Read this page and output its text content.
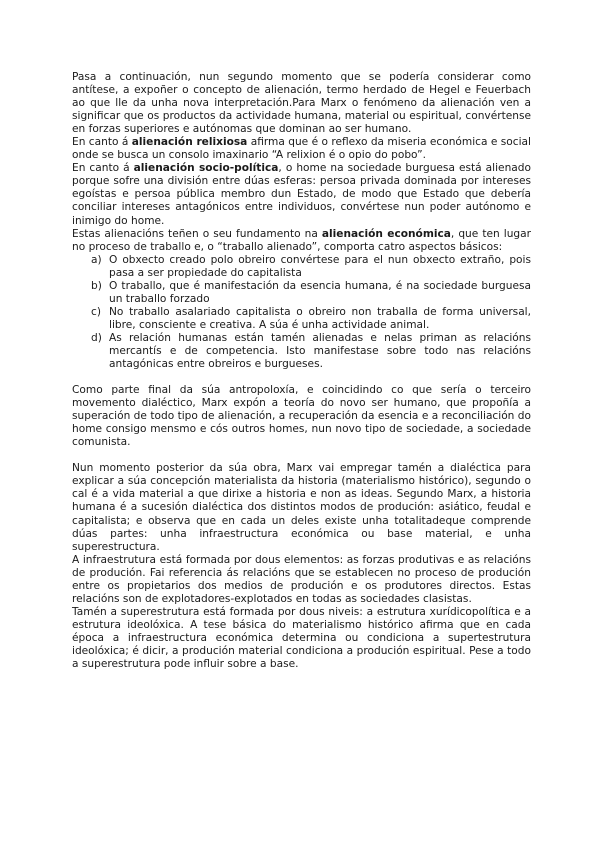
Pasa a continuación, nun segundo momento que se podería considerar como antítese, a expoñer o concepto de alienación, termo herdado de Hegel e Feuerbach ao que lle da unha nova interpretación.Para Marx o fenómeno da alienación ven a significar que os productos da actividade humana, material ou espiritual, convértense en forzas superiores e autónomas que dominan ao ser humano.

En canto á alienación relixiosa afirma que é o reflexo da miseria económica e social onde se busca un consolo imaxinario “A relixion é o opio do pobo”.

En canto á alienación socio-política, o home na sociedade burguesa está alienado porque sofre una división entre dúas esferas: persoa privada dominada por intereses egoístas e persoa pública membro dun Estado, de modo que Estado que debería conciliar intereses antagónicos entre individuos, convértese nun poder autónomo e inimigo do home.

Estas alienacións teñen o seu fundamento na alienación económica, que ten lugar no proceso de traballo e, o “traballo alienado”, comporta catro aspectos básicos:

a) O obxecto creado polo obreiro convértese para el nun obxecto extraño, pois pasa a ser propiedade do capitalista
b) O traballo, que é manifestación da esencia humana, é na sociedade burguesa un traballo forzado
c) No traballo asalariado capitalista o obreiro non traballa de forma universal, libre, consciente e creativa. A súa é unha actividade animal.
d) As relación humanas están tamén alienadas e nelas priman as relacións mercantís e de competencia. Isto manifestase sobre todo nas relacións antagónicas entre obreiros e burgueses.

Como parte final da súa antropoloxía, e coincidindo co que sería o terceiro movemento dialéctico, Marx expón a teoría do novo ser humano, que propoñía a superación de todo tipo de alienación, a recuperación da esencia e a reconciliación do home consigo mensmo e cós outros homes, nun novo tipo de sociedade, a sociedade comunista.

Nun momento posterior da súa obra, Marx vai empregar tamén a dialéctica para explicar a súa concepción materialista da historia (materialismo histórico), segundo o cal é a vida material a que dirixe a historia e non as ideas. Segundo Marx, a historia humana é a sucesión dialéctica dos distintos modos de produción: asiático, feudal e capitalista; e observa que en cada un deles existe unha totalitadeque comprende dúas partes: unha infraestructura económica ou base material, e unha superestructura.

A infraestrutura está formada por dous elementos: as forzas produtivas e as relacións de produción. Fai referencia ás relacións que se establecen no proceso de produción entre os propietarios dos medios de produción e os produtores directos. Estas relacións son de explotadores-explotados en todas as sociedades clasistas.

Tamén a superestrutura está formada por dous niveis: a estrutura xurídicopolítica e a estrutura ideolóxica. A tese básica do materialismo histórico afirma que en cada época a infraestructura económica determina ou condiciona a supertestrutura ideolóxica; é dicir, a produción material condiciona a produción espiritual. Pese a todo a superestrutura pode influir sobre a base.
